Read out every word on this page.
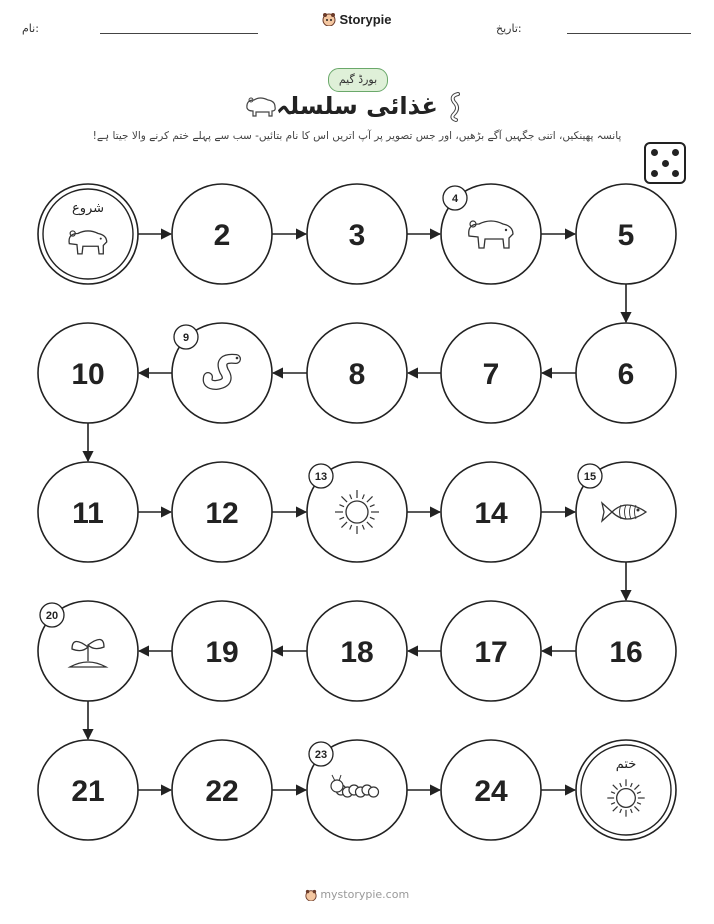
نام:
Storypie
تاریخ:
بورڈ گیم
غذائی سلسلہ
پانسہ پھینکیں، اتنی جگہیں آگے بڑھیں، اور جس تصویر پر آپ اتریں اس کا نام بتائیں- سب سے پہلے ختم کرنے والا جیتا ہے!
شروع
2	3
4
5
6
7
8
9
10
11	12
13
14
15
16
17
18
19
20
21	22
23
24
ختم
mystorypie.com
